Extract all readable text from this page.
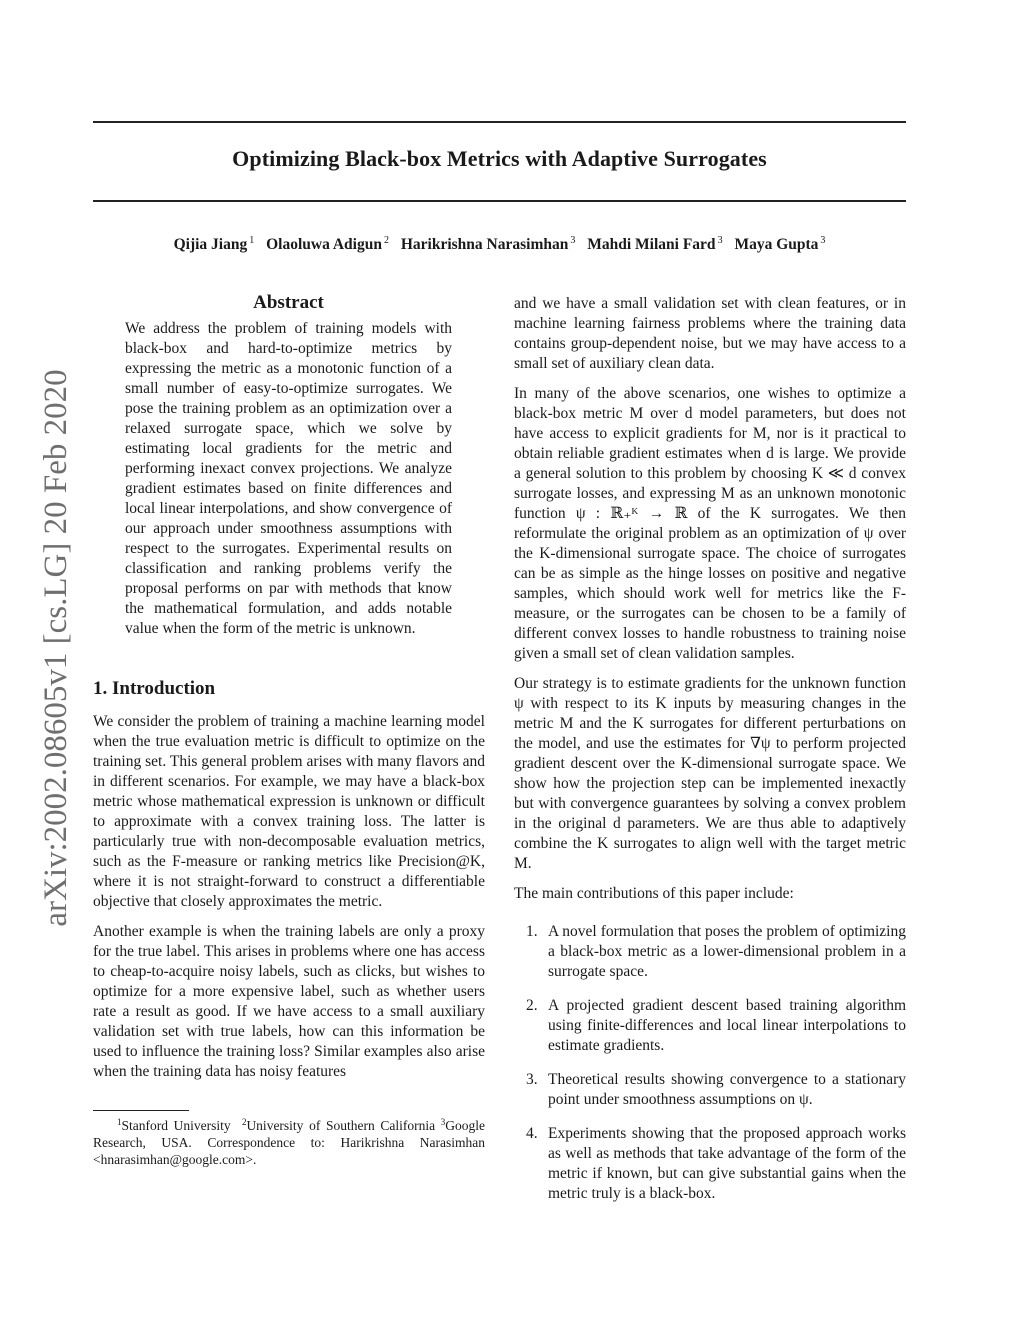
Optimizing Black-box Metrics with Adaptive Surrogates
Qijia Jiang $^1$ Olaoluwa Adigun $^2$ Harikrishna Narasimhan $^3$ Mahdi Milani Fard $^3$ Maya Gupta $^3$
arXiv:2002.08605v1 [cs.LG] 20 Feb 2020
Abstract

We address the problem of training models with black-box and hard-to-optimize metrics by expressing the metric as a monotonic function of a small number of easy-to-optimize surrogates. We pose the training problem as an optimization over a relaxed surrogate space, which we solve by estimating local gradients for the metric and performing inexact convex projections. We analyze gradient estimates based on finite differences and local linear interpolations, and show convergence of our approach under smoothness assumptions with respect to the surrogates. Experimental results on classification and ranking problems verify the proposal performs on par with methods that know the mathematical formulation, and adds notable value when the form of the metric is unknown.

1. Introduction

We consider the problem of training a machine learning model when the true evaluation metric is difficult to optimize on the training set. This general problem arises with many flavors and in different scenarios. For example, we may have a black-box metric whose mathematical expression is unknown or difficult to approximate with a convex training loss. The latter is particularly true with non-decomposable evaluation metrics, such as the F-measure or ranking metrics like Precision@K, where it is not straight-forward to construct a differentiable objective that closely approximates the metric.

Another example is when the training labels are only a proxy for the true label. This arises in problems where one has access to cheap-to-acquire noisy labels, such as clicks, but wishes to optimize for a more expensive label, such as whether users rate a result as good. If we have access to a small auxiliary validation set with true labels, how can this information be used to influence the training loss? Similar examples also arise when the training data has noisy features

and we have a small validation set with clean features, or in machine learning fairness problems where the training data contains group-dependent noise, but we may have access to a small set of auxiliary clean data.

In many of the above scenarios, one wishes to optimize a black-box metric M over d model parameters, but does not have access to explicit gradients for M, nor is it practical to obtain reliable gradient estimates when d is large. We provide a general solution to this problem by choosing K ≪ d convex surrogate losses, and expressing M as an unknown monotonic function ψ : ℝ₊ᴷ → ℝ of the K surrogates. We then reformulate the original problem as an optimization of ψ over the K-dimensional surrogate space. The choice of surrogates can be as simple as the hinge losses on positive and negative samples, which should work well for metrics like the F-measure, or the surrogates can be chosen to be a family of different convex losses to handle robustness to training noise given a small set of clean validation samples.

Our strategy is to estimate gradients for the unknown function ψ with respect to its K inputs by measuring changes in the metric M and the K surrogates for different perturbations on the model, and use the estimates for ∇ψ to perform projected gradient descent over the K-dimensional surrogate space. We show how the projection step can be implemented inexactly but with convergence guarantees by solving a convex problem in the original d parameters. We are thus able to adaptively combine the K surrogates to align well with the target metric M.

The main contributions of this paper include:

1. A novel formulation that poses the problem of optimizing a black-box metric as a lower-dimensional problem in a surrogate space.
2. A projected gradient descent based training algorithm using finite-differences and local linear interpolations to estimate gradients.
3. Theoretical results showing convergence to a stationary point under smoothness assumptions on ψ.
4. Experiments showing that the proposed approach works as well as methods that take advantage of the form of the metric if known, but can give substantial gains when the metric truly is a black-box.
$^1$Stanford University $^2$University of Southern California $^3$Google Research, USA. Correspondence to: Harikrishna Narasimhan <hnarasimhan@google.com>.
